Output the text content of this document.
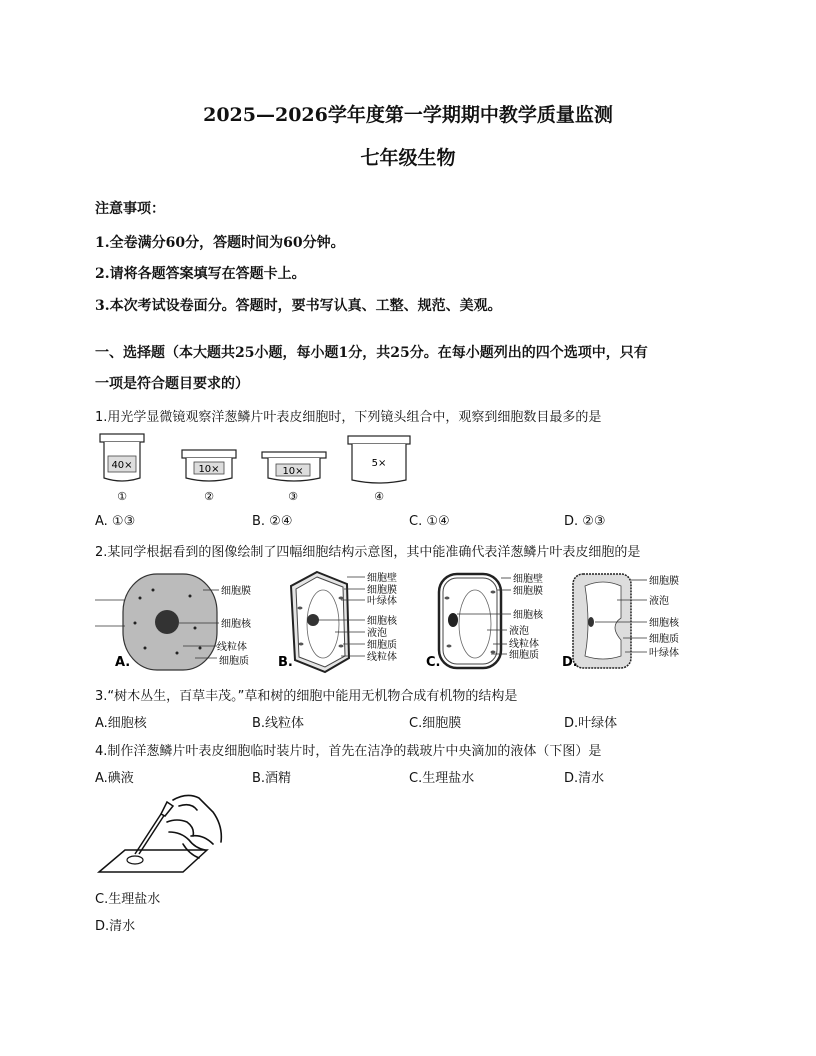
2025—2026学年度第一学期期中教学质量监测
七年级生物
注意事项：
1.全卷满分60分，答题时间为60分钟。
2.请将各题答案填写在答题卡上。
3.本次考试设卷面分。答题时，要书写认真、工整、规范、美观。
一、选择题（本大题共25小题，每小题1分，共25分。在每小题列出的四个选项中，只有
一项是符合题目要求的）
1.用光学显微镜观察洋葱鳞片叶表皮细胞时，下列镜头组合中，观察到细胞数目最多的是
40×
①
10×
②
10×
③
5×
④
A. ①③	B. ②④	C. ①④	D. ②③
2.某同学根据看到的图像绘制了四幅细胞结构示意图，其中能准确代表洋葱鳞片叶表皮细胞的是
细胞膜
细胞核
线粒体
细胞质
A.
细胞壁
细胞膜
叶绿体
细胞核
液泡
细胞质
线粒体
B.
细胞壁
细胞膜
细胞核
液泡
线粒体
细胞质
C.
细胞膜
液泡
细胞核
细胞质
叶绿体
D.
3.“树木丛生，百草丰茂。”草和树的细胞中能用无机物合成有机物的结构是
A.细胞核	B.线粒体	C.细胞膜	D.叶绿体
4.制作洋葱鳞片叶表皮细胞临时装片时，首先在洁净的载玻片中央滴加的液体（下图）是
A.碘液	B.酒精	C.生理盐水	D.清水
C.生理盐水
D.清水
